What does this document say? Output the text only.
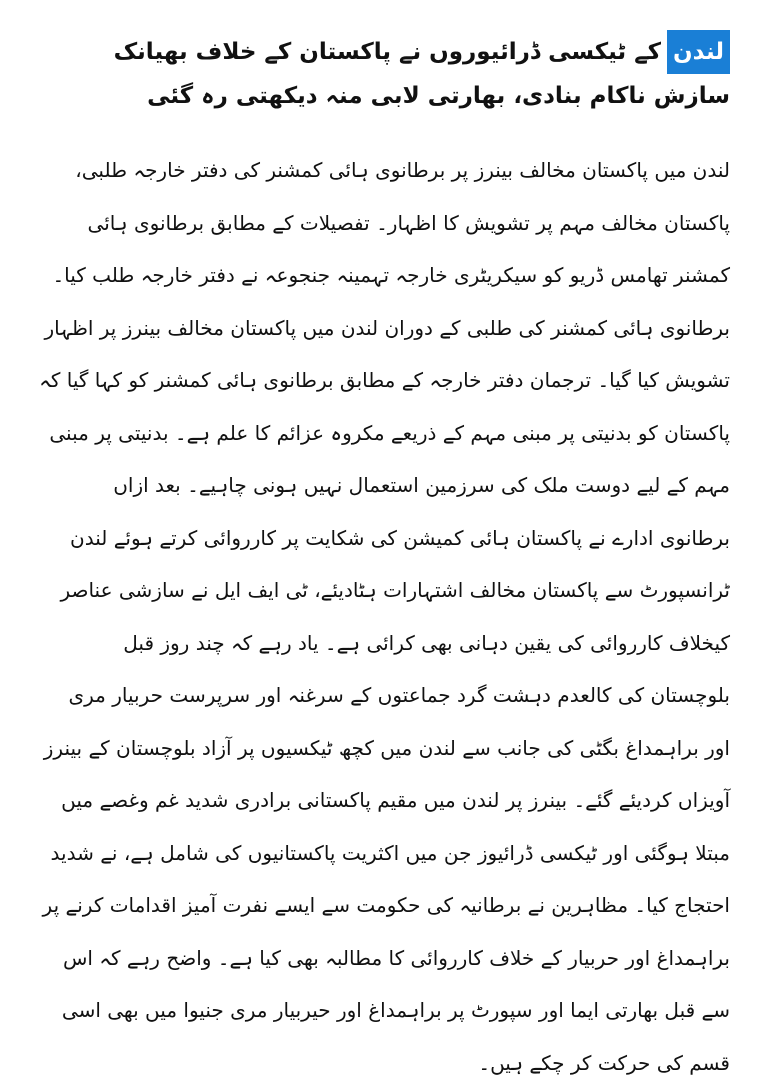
لندنکے ٹیکسی ڈرائیوروں نے پاکستان کے خلاف بھیانک سازش ناکام بنادی، بھارتی لابی منہ دیکھتی رہ گئی

لندن میں پاکستان مخالف بینرز پر برطانوی ہائی کمشنر کی دفتر خارجہ طلبی، پاکستان مخالف مہم پر تشویش کا اظہار۔ تفصیلات کے مطابق برطانوی ہائی کمشنر تھامس ڈریو کو سیکریٹری خارجہ تہمینہ جنجوعہ نے دفتر خارجہ طلب کیا۔ برطانوی ہائی کمشنر کی طلبی کے دوران لندن میں پاکستان مخالف بینرز پر اظہار تشویش کیا گیا۔ ترجمان دفتر خارجہ کے مطابق برطانوی ہائی کمشنر کو کہا گیا کہ پاکستان کو بدنیتی پر مبنی مہم کے ذریعے مکروہ عزائم کا علم ہے۔ بدنیتی پر مبنی مہم کے لیے دوست ملک کی سرزمین استعمال نہیں ہونی چاہیے۔ بعد ازاں برطانوی ادارے نے پاکستان ہائی کمیشن کی شکایت پر کارروائی کرتے ہوئے لندن ٹرانسپورٹ سے پاکستان مخالف اشتہارات ہٹادیئے، ٹی ایف ایل نے سازشی عناصر کیخلاف کارروائی کی یقین دہانی بھی کرائی ہے۔ یاد رہے کہ چند روز قبل بلوچستان کی کالعدم دہشت گرد جماعتوں کے سرغنہ اور سرپرست حربیار مری اور براہمداغ بگٹی کی جانب سے لندن میں کچھ ٹیکسیوں پر آزاد بلوچستان کے بینرز آویزاں کردیئے گئے۔ بینرز پر لندن میں مقیم پاکستانی برادری شدید غم وغصے میں مبتلا ہوگئی اور ٹیکسی ڈرائیوز جن میں اکثریت پاکستانیوں کی شامل ہے، نے شدید احتجاج کیا۔ مظاہرین نے برطانیہ کی حکومت سے ایسے نفرت آمیز اقدامات کرنے پر براہمداغ اور حربیار کے خلاف کارروائی کا مطالبہ بھی کیا ہے۔ واضح رہے کہ اس سے قبل بھارتی ایما اور سپورٹ پر براہمداغ اور حیربیار مری جنیوا میں بھی اسی قسم کی حرکت کر چکے ہیں۔
